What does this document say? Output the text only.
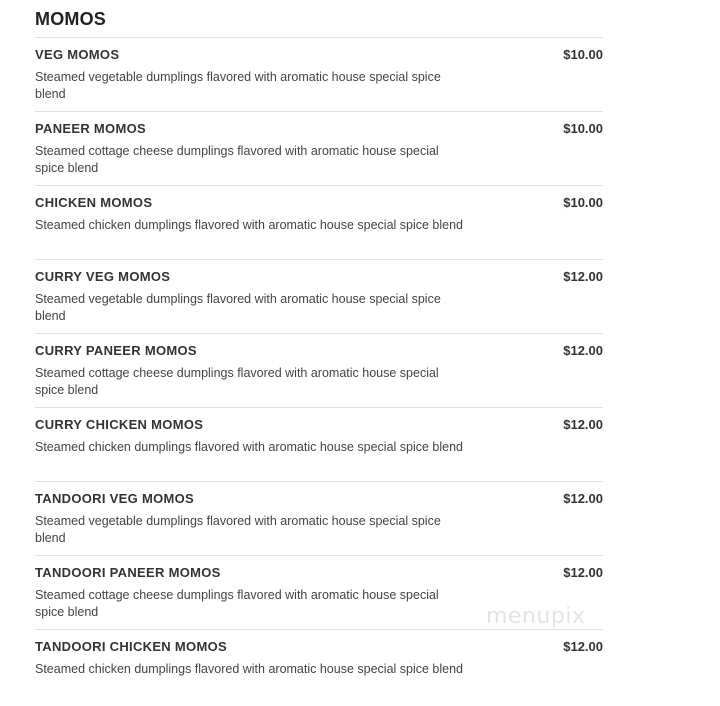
MOMOS
VEG MOMOS	$10.00
Steamed vegetable dumplings flavored with aromatic house special spice blend
PANEER MOMOS	$10.00
Steamed cottage cheese dumplings flavored with aromatic house special spice blend
CHICKEN MOMOS	$10.00
Steamed chicken dumplings flavored with aromatic house special spice blend
CURRY VEG MOMOS	$12.00
Steamed vegetable dumplings flavored with aromatic house special spice blend
CURRY PANEER MOMOS	$12.00
Steamed cottage cheese dumplings flavored with aromatic house special spice blend
CURRY CHICKEN MOMOS	$12.00
Steamed chicken dumplings flavored with aromatic house special spice blend
TANDOORI VEG MOMOS	$12.00
Steamed vegetable dumplings flavored with aromatic house special spice blend
TANDOORI PANEER MOMOS	$12.00
Steamed cottage cheese dumplings flavored with aromatic house special spice blend
TANDOORI CHICKEN MOMOS	$12.00
Steamed chicken dumplings flavored with aromatic house special spice blend
menupix
